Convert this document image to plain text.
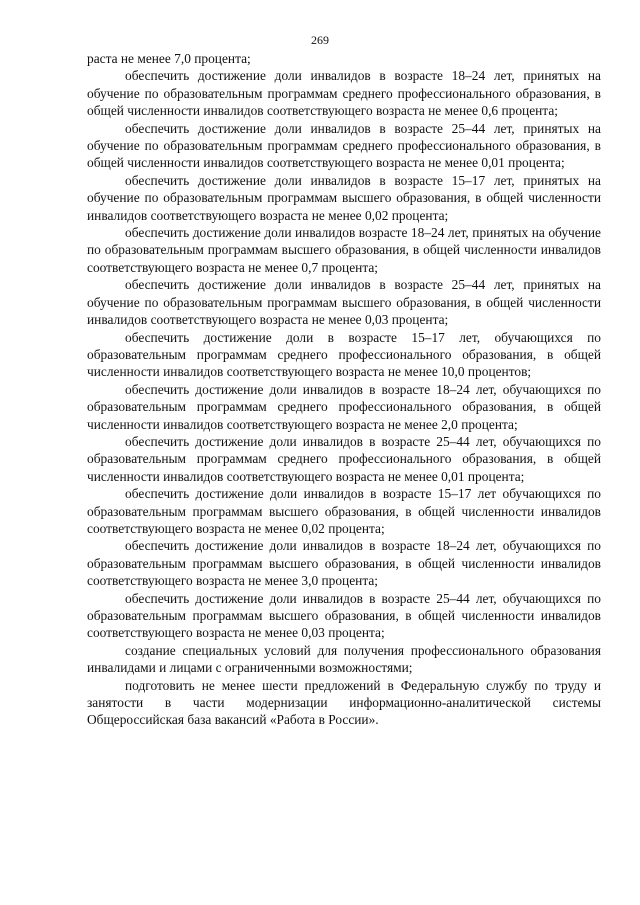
269

раста не менее 7,0 процента;

обеспечить достижение доли инвалидов в возрасте 18–24 лет, принятых на обучение по образовательным программам среднего профессионального образования, в общей численности инвалидов соответствующего возраста не менее 0,6 процента;

обеспечить достижение доли инвалидов в возрасте 25–44 лет, принятых на обучение по образовательным программам среднего профессионального образования, в общей численности инвалидов соответствующего возраста не менее 0,01 процента;

обеспечить достижение доли инвалидов в возрасте 15–17 лет, принятых на обучение по образовательным программам высшего образования, в общей численности инвалидов соответствующего возраста не менее 0,02 процента;

обеспечить достижение доли инвалидов возрасте 18–24 лет, принятых на обучение по образовательным программам высшего образования, в общей численности инвалидов соответствующего возраста не менее 0,7 процента;

обеспечить достижение доли инвалидов в возрасте 25–44 лет, принятых на обучение по образовательным программам высшего образования, в общей численности инвалидов соответствующего возраста не менее 0,03 процента;

обеспечить достижение доли в возрасте 15–17 лет, обучающихся по образовательным программам среднего профессионального образования, в общей численности инвалидов соответствующего возраста не менее 10,0 процентов;

обеспечить достижение доли инвалидов в возрасте 18–24 лет, обучающихся по образовательным программам среднего профессионального образования, в общей численности инвалидов соответствующего возраста не менее 2,0 процента;

обеспечить достижение доли инвалидов в возрасте 25–44 лет, обучающихся по образовательным программам среднего профессионального образования, в общей численности инвалидов соответствующего возраста не менее 0,01 процента;

обеспечить достижение доли инвалидов в возрасте 15–17 лет обучающихся по образовательным программам высшего образования, в общей численности инвалидов соответствующего возраста не менее 0,02 процента;

обеспечить достижение доли инвалидов в возрасте 18–24 лет, обучающихся по образовательным программам высшего образования, в общей численности инвалидов соответствующего возраста не менее 3,0 процента;

обеспечить достижение доли инвалидов в возрасте 25–44 лет, обучающихся по образовательным программам высшего образования, в общей численности инвалидов соответствующего возраста не менее 0,03 процента;

создание специальных условий для получения профессионального образования инвалидами и лицами с ограниченными возможностями;

подготовить не менее шести предложений в Федеральную службу по труду и занятости в части модернизации информационно-аналитической системы Общероссийская база вакансий «Работа в России».
